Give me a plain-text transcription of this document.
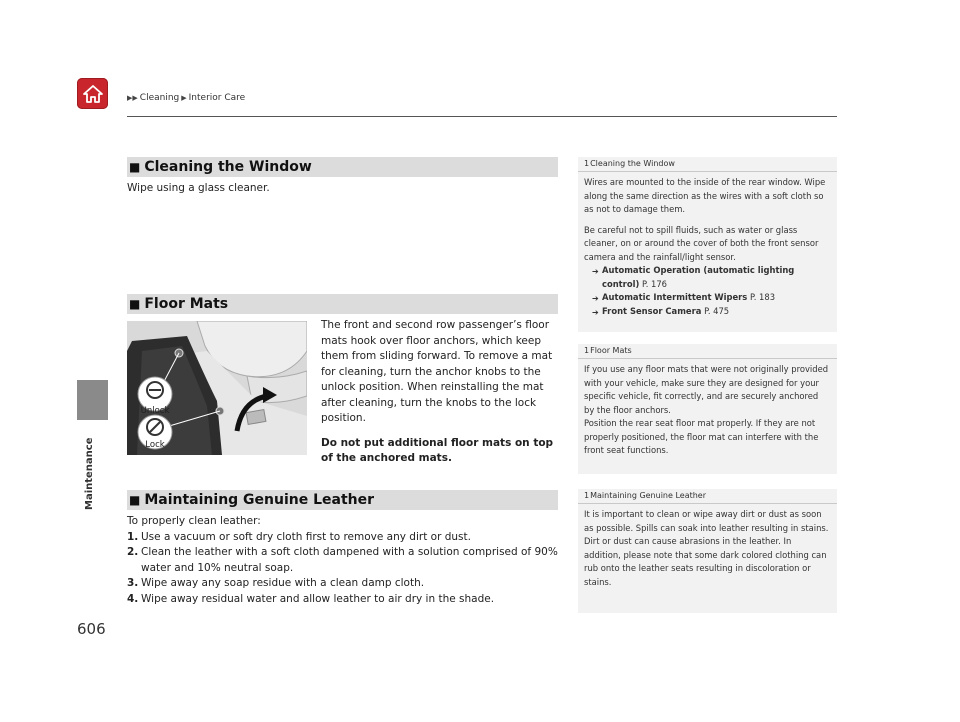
▶▶ Cleaning ▶ Interior Care
Maintenance
606
■ Cleaning the Window
Wipe using a glass cleaner.
■ Floor Mats
Unlock
Lock
The front and second row passenger’s floor mats hook over floor anchors, which keep them from sliding forward. To remove a mat for cleaning, turn the anchor knobs to the unlock position. When reinstalling the mat after cleaning, turn the knobs to the lock position.
Do not put additional floor mats on top of the anchored mats.
■ Maintaining Genuine Leather
To properly clean leather:
1. Use a vacuum or soft dry cloth first to remove any dirt or dust.
2. Clean the leather with a soft cloth dampened with a solution comprised of 90% water and 10% neutral soap.
3. Wipe away any soap residue with a clean damp cloth.
4. Wipe away residual water and allow leather to air dry in the shade.
1Cleaning the Window
Wires are mounted to the inside of the rear window. Wipe along the same direction as the wires with a soft cloth so as not to damage them.
Be careful not to spill fluids, such as water or glass cleaner, on or around the cover of both the front sensor camera and the rainfall/light sensor.
➔ Automatic Operation (automatic lighting control) P. 176
➔ Automatic Intermittent Wipers P. 183
➔ Front Sensor Camera P. 475
1Floor Mats
If you use any floor mats that were not originally provided with your vehicle, make sure they are designed for your specific vehicle, fit correctly, and are securely anchored by the floor anchors.
Position the rear seat floor mat properly. If they are not properly positioned, the floor mat can interfere with the front seat functions.
1Maintaining Genuine Leather
It is important to clean or wipe away dirt or dust as soon as possible. Spills can soak into leather resulting in stains. Dirt or dust can cause abrasions in the leather. In addition, please note that some dark colored clothing can rub onto the leather seats resulting in discoloration or stains.
